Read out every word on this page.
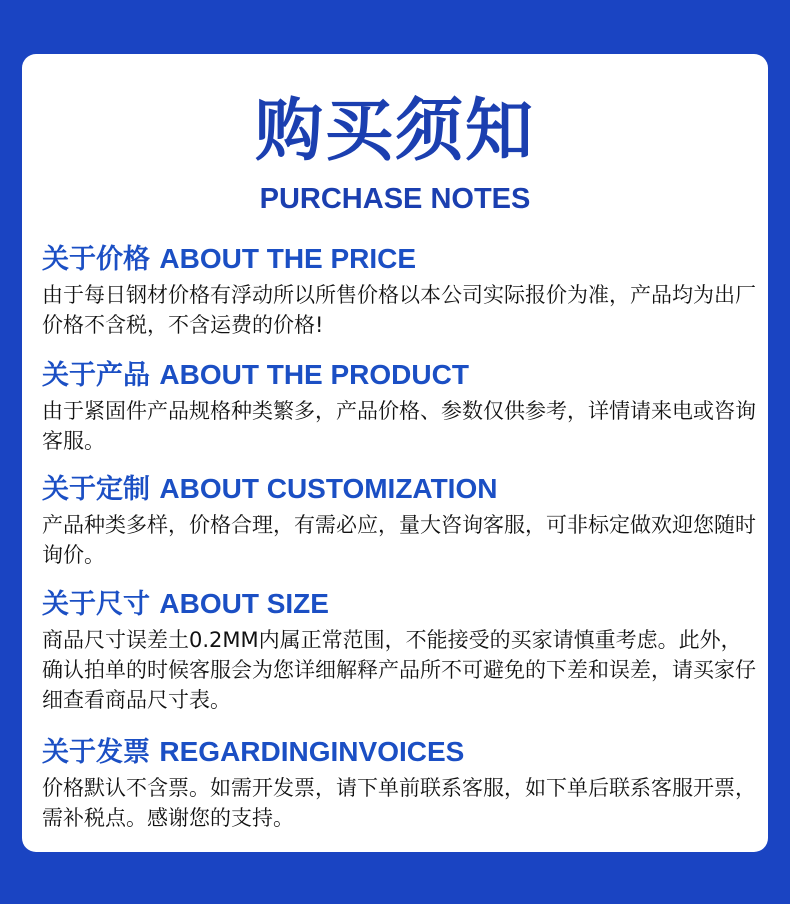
购买须知
PURCHASE NOTES
关于价格 ABOUT THE PRICE
由于每日钢材价格有浮动所以所售价格以本公司实际报价为准，产品均为出厂价格不含税，不含运费的价格!
关于产品 ABOUT THE PRODUCT
由于紧固件产品规格种类繁多，产品价格、参数仅供参考，详情请来电或咨询客服。
关于定制 ABOUT CUSTOMIZATION
产品种类多样，价格合理，有需必应，量大咨询客服，可非标定做欢迎您随时询价。
关于尺寸 ABOUT SIZE
商品尺寸误差土0.2MM内属正常范围，不能接受的买家请慎重考虑。此外，确认拍单的时候客服会为您详细解释产品所不可避免的下差和误差，请买家仔细查看商品尺寸表。
关于发票 REGARDINGINVOICES
价格默认不含票。如需开发票，请下单前联系客服，如下单后联系客服开票，需补税点。感谢您的支持。
